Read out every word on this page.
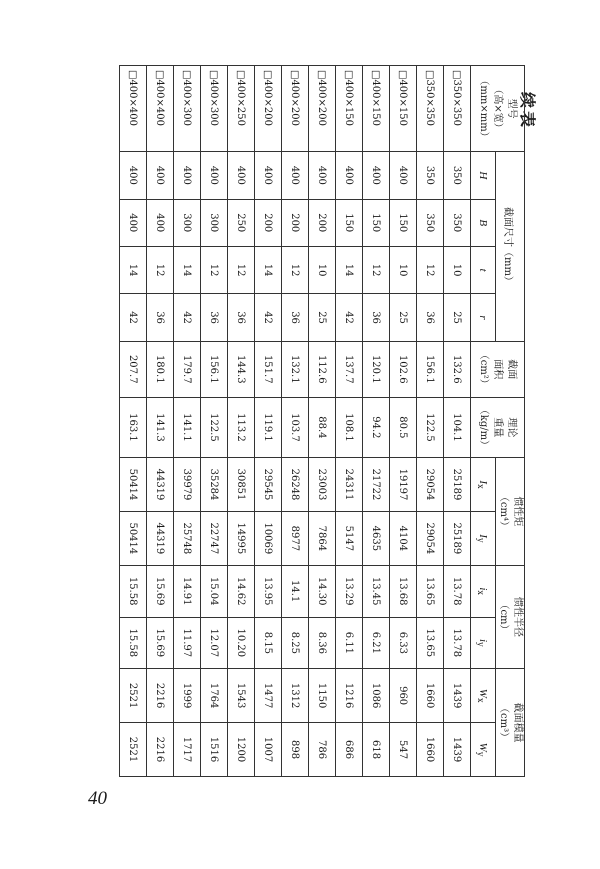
40
续表
型号
（高×宽）
（mm×mm）	截面尺寸（mm）				截面
面积
（cm²）	理论
重量
（kg/m）	惯性矩
（cm⁴）		惯性半径
（cm）		截面模量
（cm³）	

	H	B	t	r			$I_x$	$I_y$	$i_x$	$i_y$	$W_x$	$W_y$
□350×350	350	350	10	25	132.6	104.1	25189	25189	13.78	13.78	1439	1439
□350×350	350	350	12	36	156.1	122.5	29054	29054	13.65	13.65	1660	1660
□400×150	400	150	10	25	102.6	80.5	19197	4104	13.68	6.33	960	547
□400×150	400	150	12	36	120.1	94.2	21722	4635	13.45	6.21	1086	618
□400×150	400	150	14	42	137.7	108.1	24311	5147	13.29	6.11	1216	686
□400×200	400	200	10	25	112.6	88.4	23003	7864	14.30	8.36	1150	786
□400×200	400	200	12	36	132.1	103.7	26248	8977	14.1	8.25	1312	898
□400×200	400	200	14	42	151.7	119.1	29545	10069	13.95	8.15	1477	1007
□400×250	400	250	12	36	144.3	113.2	30851	14995	14.62	10.20	1543	1200
□400×300	400	300	12	36	156.1	122.5	35284	22747	15.04	12.07	1764	1516
□400×300	400	300	14	42	179.7	141.1	39979	25748	14.91	11.97	1999	1717
□400×400	400	400	12	36	180.1	141.3	44319	44319	15.69	15.69	2216	2216
□400×400	400	400	14	42	207.7	163.1	50414	50414	15.58	15.58	2521	2521
